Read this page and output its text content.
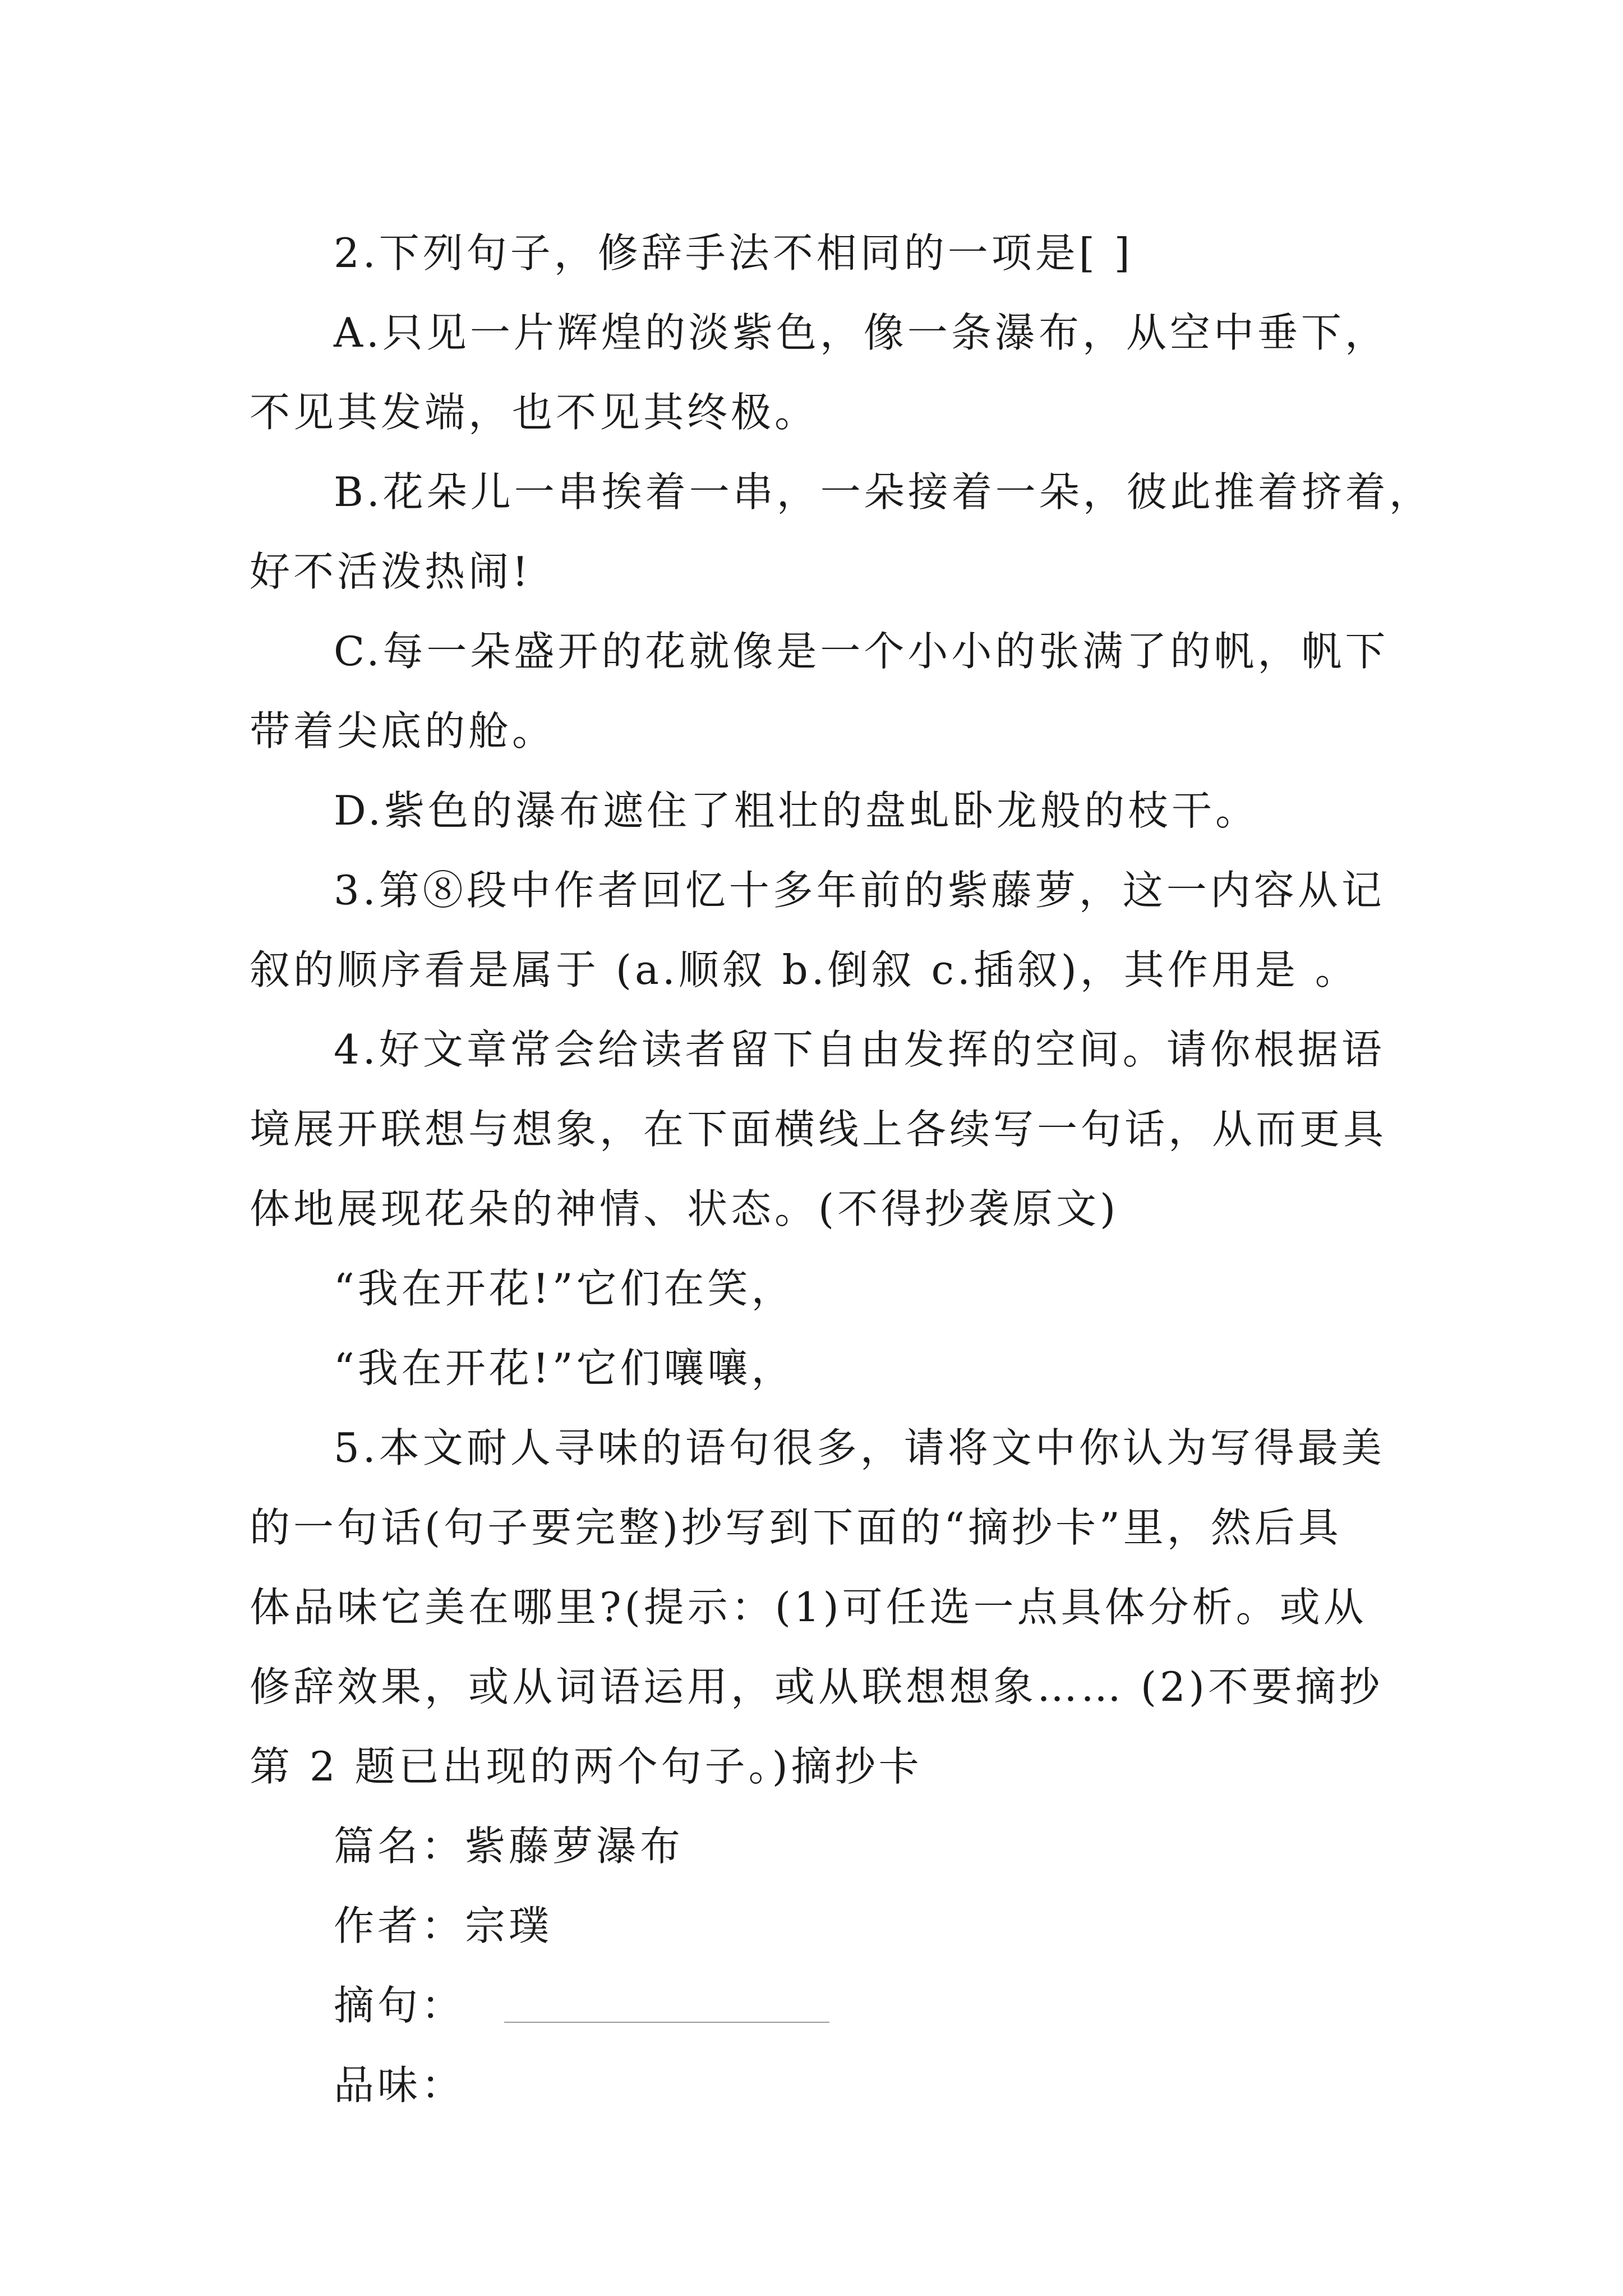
2.下列句子，修辞手法不相同的一项是[ ]
A.只见一片辉煌的淡紫色，像一条瀑布，从空中垂下，
不见其发端，也不见其终极。
B.花朵儿一串挨着一串，一朵接着一朵，彼此推着挤着，
好不活泼热闹!
C.每一朵盛开的花就像是一个小小的张满了的帆，帆下
带着尖底的舱。
D.紫色的瀑布遮住了粗壮的盘虬卧龙般的枝干。
3.第⑧段中作者回忆十多年前的紫藤萝，这一内容从记
叙的顺序看是属于 (a.顺叙 b.倒叙 c.插叙)，其作用是 。
4.好文章常会给读者留下自由发挥的空间。请你根据语
境展开联想与想象，在下面横线上各续写一句话，从而更具
体地展现花朵的神情、状态。(不得抄袭原文)
“我在开花!”它们在笑，
“我在开花!”它们嚷嚷，
5.本文耐人寻味的语句很多，请将文中你认为写得最美
的一句话(句子要完整)抄写到下面的“摘抄卡”里，然后具
体品味它美在哪里?(提示：(1)可任选一点具体分析。或从
修辞效果，或从词语运用，或从联想想象…… (2)不要摘抄
第 2 题已出现的两个句子。)摘抄卡
篇名：紫藤萝瀑布
作者：宗璞
摘句：
品味：
